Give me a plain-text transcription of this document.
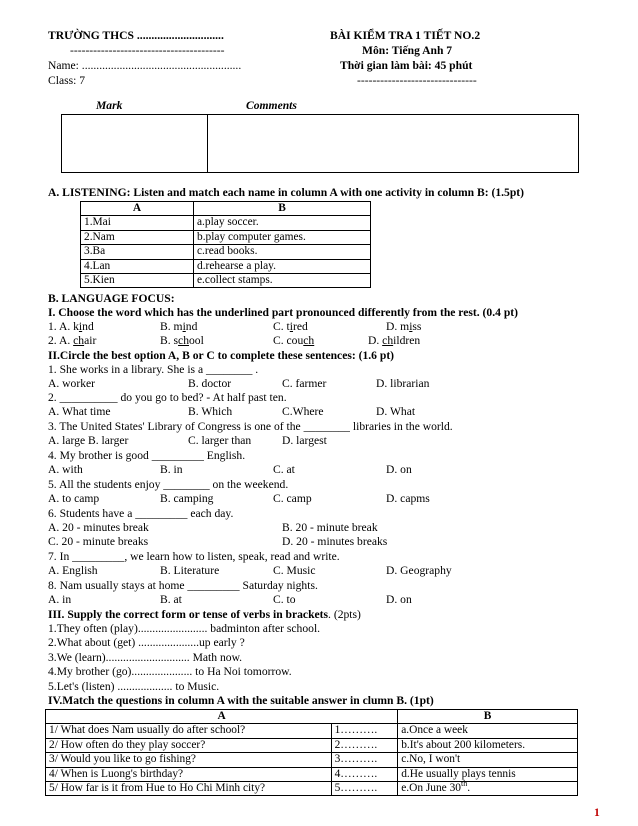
TRƯỜNG THCS ..............................
----------------------------------------
Name: .......................................................
Class: 7
BÀI KIỂM TRA 1 TIẾT NO.2
Môn: Tiếng Anh 7
Thời gian làm bài: 45 phút
-------------------------------
Mark	Comments
A. LISTENING: Listen and match each name in column A with one activity in column B: (1.5pt)
A	B
1.Mai	a.play soccer.
2.Nam	b.play computer games.
3.Ba	c.read books.
4.Lan	d.rehearse a play.
5.Kien	e.collect stamps.
B. LANGUAGE FOCUS:
I. Choose the word which has the underlined part pronounced differently from the rest. (0.4 pt)
1. A. kind	B. mind	C. tired	D. miss
2. A. chair	B. school	C. couch	D. children
II.Circle the best option A, B or C to complete these sentences: (1.6 pt)
1. She works in a library. She is a ________ .
A. worker	B. doctor	C. farmer	D. librarian
2. __________ do you go to bed? - At half past ten.
A. What time	B. Which	C.Where	D. What
3. The United States' Library of Congress is one of the ________ libraries in the world.
A. large B. larger	C. larger than	D. largest
4. My brother is good _________ English.
A. with	B. in	C. at	D. on
5. All the students enjoy ________ on the weekend.
A. to camp	B. camping	C. camp	D. capms
6. Students have a _________ each day.
A. 20 - minutes break	B. 20 - minute break
C. 20 - minute breaks	D. 20 - minutes breaks
7. In _________, we learn how to listen, speak, read and write.
A. English	B. Literature	C. Music	D. Geography
8. Nam usually stays at home _________ Saturday nights.
A. in	B. at	C. to	D. on
III. Supply the correct form or tense of verbs in brackets. (2pts)
1.They often (play)........................ badminton after school.
2.What about (get) .....................up early ?
3.We (learn)............................. Math now.
4.My brother (go)..................... to Ha Noi tomorrow.
5.Let's (listen) ................... to Music.
IV.Match the questions in column A with the suitable answer in clumn B. (1pt)
A		B
1/ What does Nam usually do after school?	1……….	a.Once a week
2/ How often do they play soccer?	2……….	b.It's about 200 kilometers.
3/ Would you like to go fishing?	3……….	c.No, I won't
4/ When is Luong's birthday?	4……….	d.He usually plays tennis
5/ How far is it from Hue to Ho Chi Minh city?	5……….	e.On June 30th.
1
